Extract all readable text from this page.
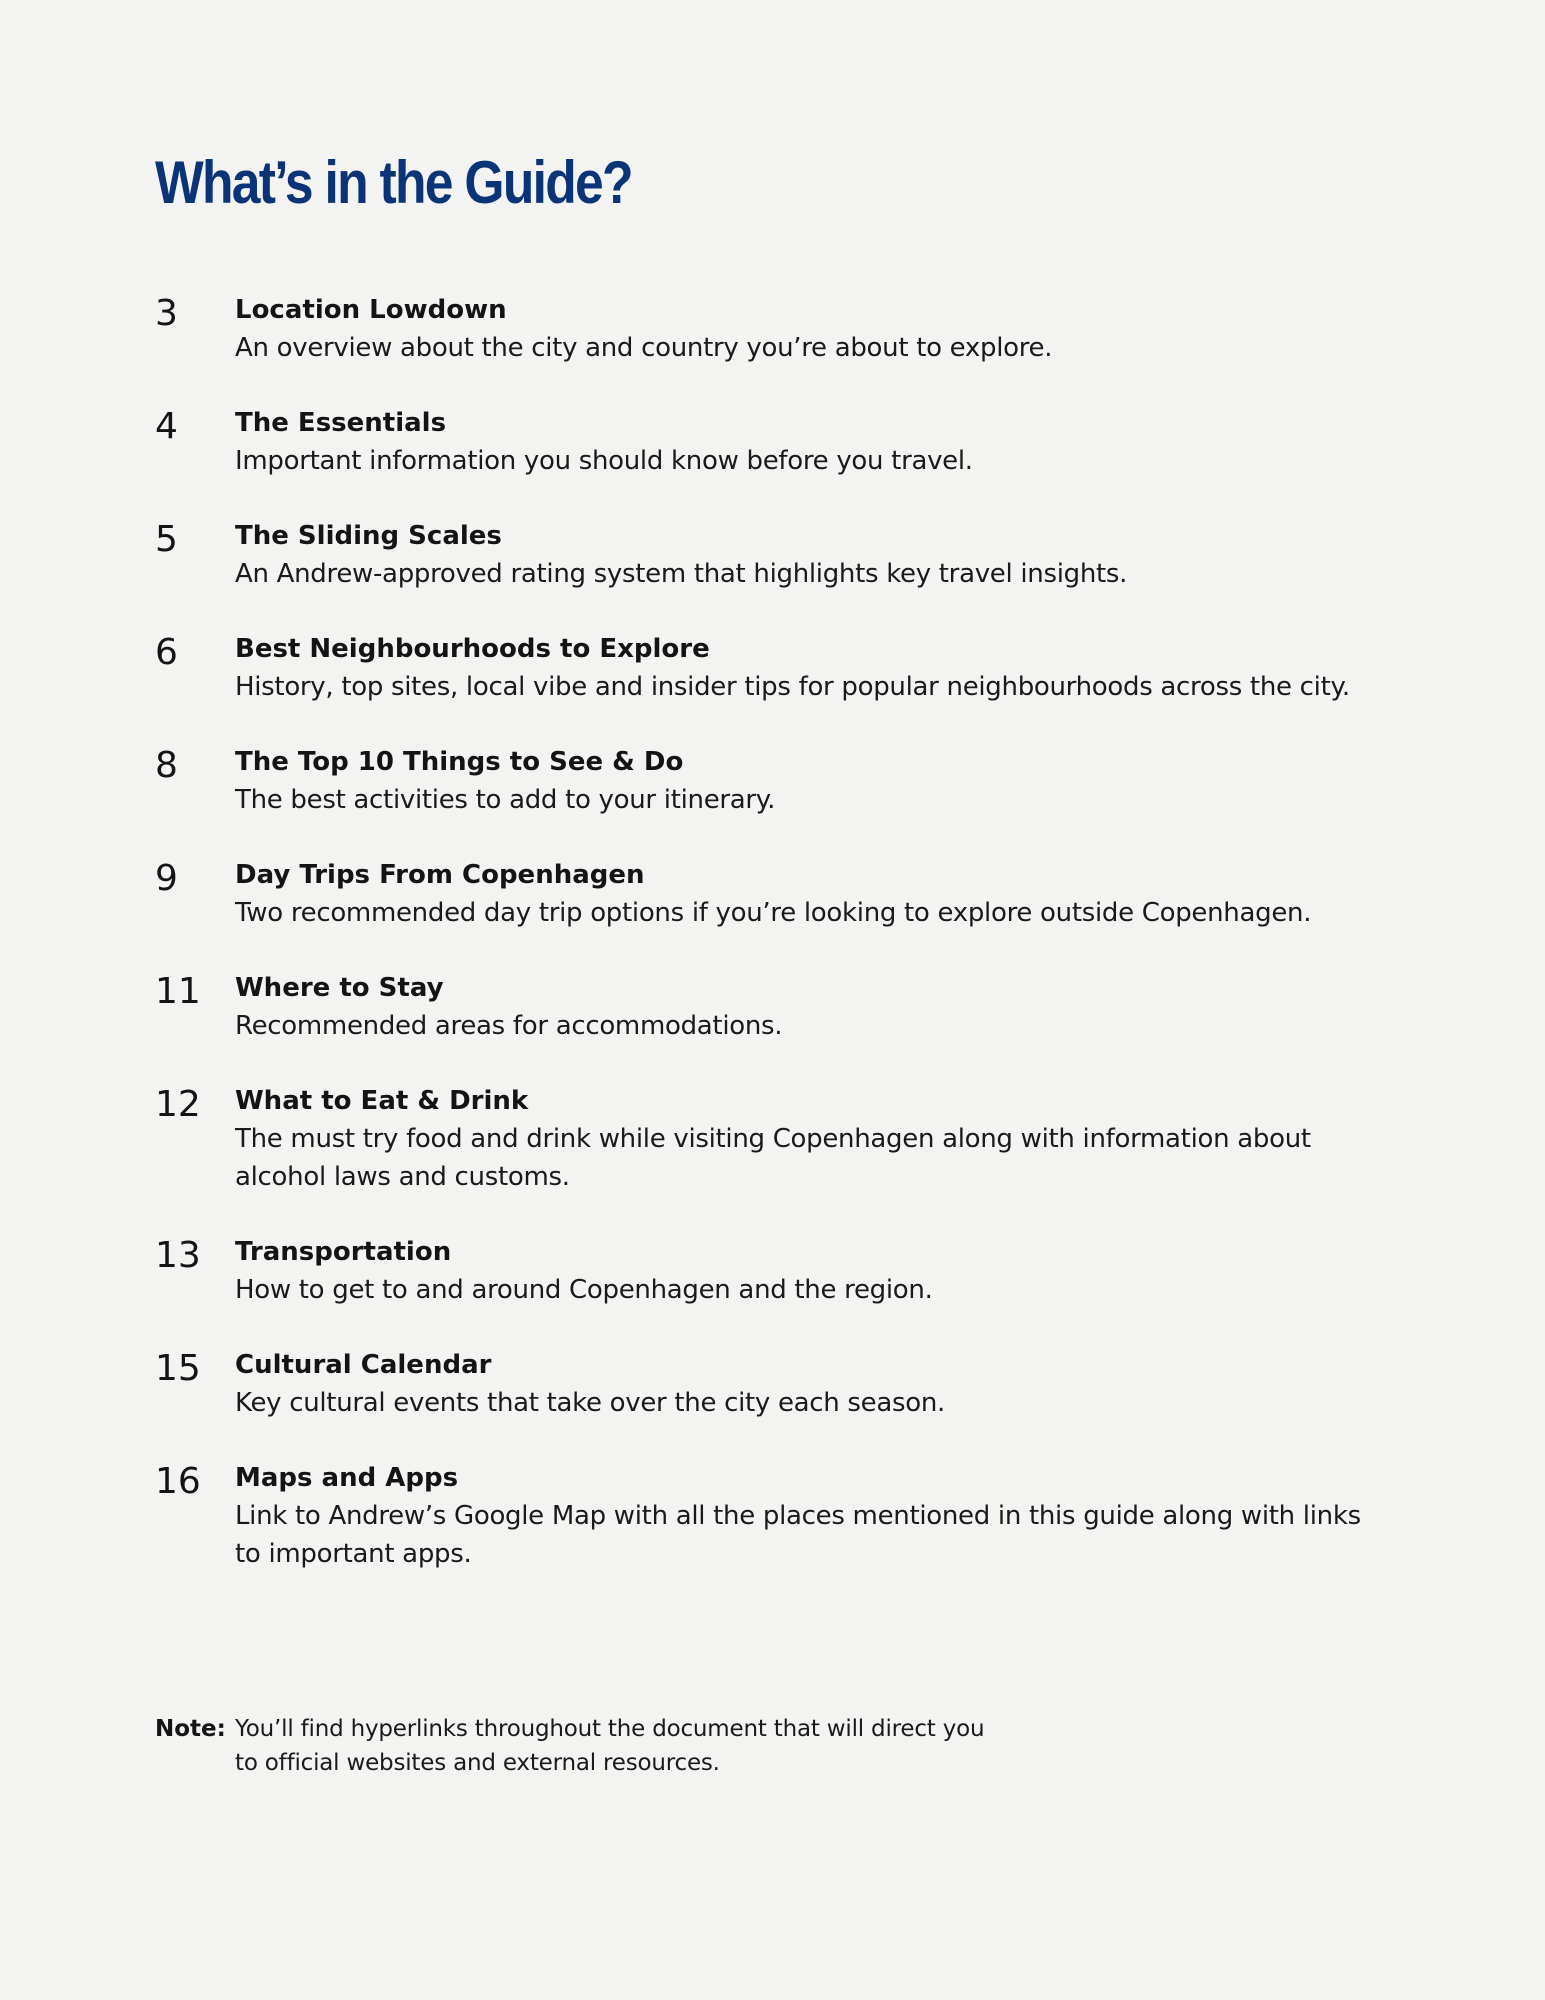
What’s in the Guide?
3	Location Lowdown
An overview about the city and country you’re about to explore.
4	The Essentials
Important information you should know before you travel.
5	The Sliding Scales
An Andrew-approved rating system that highlights key travel insights.
6	Best Neighbourhoods to Explore
History, top sites, local vibe and insider tips for popular neighbourhoods across the city.
8	The Top 10 Things to See & Do
The best activities to add to your itinerary.
9	Day Trips From Copenhagen
Two recommended day trip options if you’re looking to explore outside Copenhagen.
11	Where to Stay
Recommended areas for accommodations.
12	What to Eat & Drink
The must try food and drink while visiting Copenhagen along with information about alcohol laws and customs.
13	Transportation
How to get to and around Copenhagen and the region.
15	Cultural Calendar
Key cultural events that take over the city each season.
16	Maps and Apps
Link to Andrew’s Google Map with all the places mentioned in this guide along with links to important apps.
Note: You’ll find hyperlinks throughout the document that will direct you to official websites and external resources.
